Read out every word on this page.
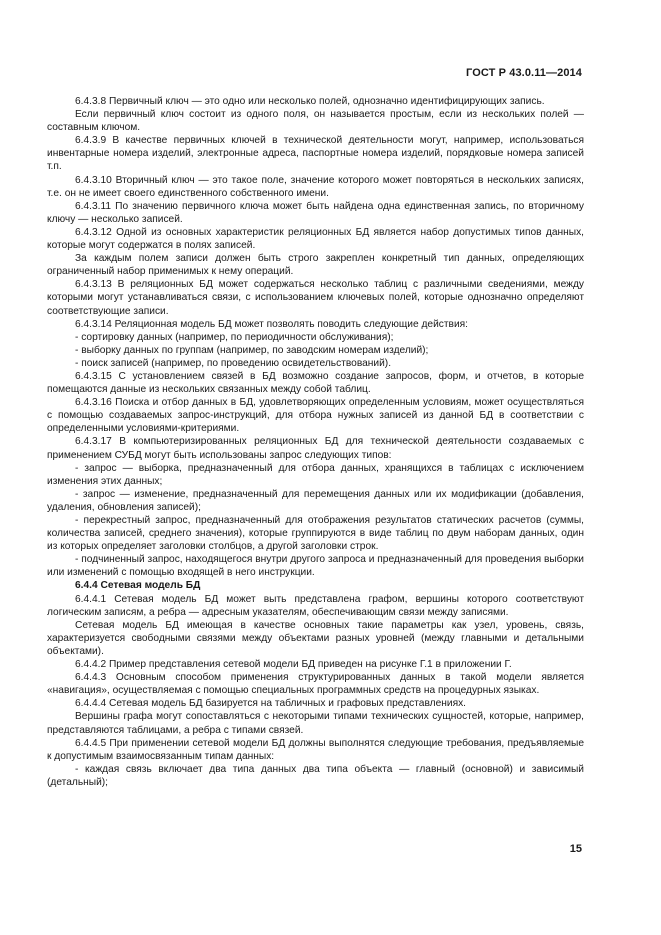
ГОСТ Р 43.0.11—2014

6.4.3.8 Первичный ключ — это одно или несколько полей, однозначно идентифицирующих запись.

Если первичный ключ состоит из одного поля, он называется простым, если из нескольких полей — составным ключом.

6.4.3.9 В качестве первичных ключей в технической деятельности могут, например, использоваться инвентарные номера изделий, электронные адреса, паспортные номера изделий, порядковые номера записей т.п.

6.4.3.10 Вторичный ключ — это такое поле, значение которого может повторяться в нескольких записях, т.е. он не имеет своего единственного собственного имени.

6.4.3.11 По значению первичного ключа может быть найдена одна единственная запись, по вторичному ключу — несколько записей.

6.4.3.12 Одной из основных характеристик реляционных БД является набор допустимых типов данных, которые могут содержатся в полях записей.

За каждым полем записи должен быть строго закреплен конкретный тип данных, определяющих ограниченный набор применимых к нему операций.

6.4.3.13 В реляционных БД может содержаться несколько таблиц с различными сведениями, между которыми могут устанавливаться связи, с использованием ключевых полей, которые однозначно определяют соответствующие записи.

6.4.3.14 Реляционная модель БД может позволять поводить следующие действия:

- сортировку данных (например, по периодичности обслуживания);

- выборку данных по группам (например, по заводским номерам изделий);

- поиск записей (например, по проведению освидетельствований).

6.4.3.15 С установлением связей в БД возможно создание запросов, форм, и отчетов, в которые помещаются данные из нескольких связанных между собой таблиц.

6.4.3.16 Поиска и отбор данных в БД, удовлетворяющих определенным условиям, может осуществляться с помощью создаваемых запрос-инструкций, для отбора нужных записей из данной БД в соответствии с определенными условиями-критериями.

6.4.3.17 В компьютеризированных реляционных БД для технической деятельности создаваемых с применением СУБД могут быть использованы запрос следующих типов:

- запрос — выборка, предназначенный для отбора данных, хранящихся в таблицах с исключением изменения этих данных;

- запрос — изменение, предназначенный для перемещения данных или их модификации (добавления, удаления, обновления записей);

- перекрестный запрос, предназначенный для отображения результатов статических расчетов (суммы, количества записей, среднего значения), которые группируются в виде таблиц по двум наборам данных, один из которых определяет заголовки столбцов, а другой заголовки строк.

- подчиненный запрос, находящегося внутри другого запроса и предназначенный для проведения выборки или изменений с помощью входящей в него инструкции.

6.4.4 Сетевая модель БД

6.4.4.1 Сетевая модель БД может выть представлена графом, вершины которого соответствуют логическим записям, а ребра — адресным указателям, обеспечивающим связи между записями.

Сетевая модель БД имеющая в качестве основных такие параметры как узел, уровень, связь, характеризуется свободными связями между объектами разных уровней (между главными и детальными объектами).

6.4.4.2 Пример представления сетевой модели БД приведен на рисунке Г.1 в приложении Г.

6.4.4.3 Основным способом применения структурированных данных в такой модели является «навигация», осуществляемая с помощью специальных программных средств на процедурных языках.

6.4.4.4 Сетевая модель БД базируется на табличных и графовых представлениях.

Вершины графа могут сопоставляться с некоторыми типами технических сущностей, которые, например, представляются таблицами, а ребра с типами связей.

6.4.4.5 При применении сетевой модели БД должны выполнятся следующие требования, предъявляемые к допустимым взаимосвязанным типам данных:

- каждая связь включает два типа данных два типа объекта — главный (основной) и зависимый (детальный);

15
